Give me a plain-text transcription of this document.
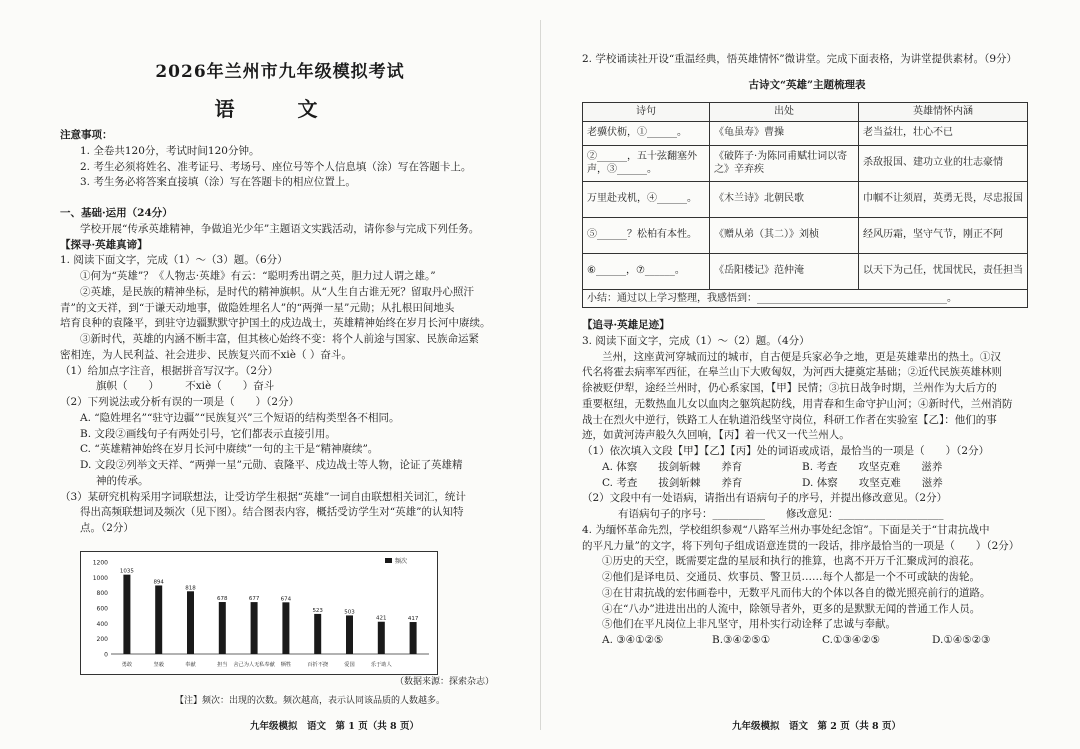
2026年兰州市九年级模拟考试
语 文
注意事项：
1. 全卷共120分，考试时间120分钟。
2. 考生必须将姓名、准考证号、考场号、座位号等个人信息填（涂）写在答题卡上。
3. 考生务必将答案直接填（涂）写在答题卡的相应位置上。
一、基础·运用（24分）
学校开展“传承英雄精神，争做追光少年”主题语文实践活动，请你参与完成下列任务。
【探寻·英雄真谛】
1. 阅读下面文字，完成（1）～（3）题。（6分）
①何为“英雄”？《人物志·英雄》有云：“聪明秀出谓之英，胆力过人谓之雄。”
②英雄，是民族的精神坐标，是时代的精神旗帜。从“人生自古谁无死？留取丹心照汗
青”的文天祥，到“于谦天动地事，做隐姓埋名人”的“两弹一星”元勋；从扎根田间地头
培育良种的袁隆平，到驻守边疆默默守护国土的戍边战士，英雄精神始终在岁月长河中赓续。
③新时代，英雄的内涵不断丰富，但其核心始终不变：将个人前途与国家、民族命运紧
密相连，为人民利益、社会进步、民族复兴而不xiè（ ）奋斗。
（1）给加点字注音，根据拼音写汉字。（2分）
旗帜（　　）　　　不xiè（　　）奋斗
（2）下列说法或分析有误的一项是（　　）（2分）
A. “隐姓埋名”“驻守边疆”“民族复兴”三个短语的结构类型各不相同。
B. 文段②画线句子有两处引号，它们都表示直接引用。
C. “英雄精神始终在岁月长河中赓续”一句的主干是“精神赓续”。
D. 文段②列举文天祥、“两弹一星”元勋、袁隆平、戍边战士等人物，论证了英雄精
神的传承。
（3）某研究机构采用字词联想法，让受访学生根据“英雄”一词自由联想相关词汇，统计
得出高频联想词及频次（见下图）。结合图表内容，概括受访学生对“英雄”的认知特
点。（2分）
【注】频次：出现的次数。频次越高，表示认同该品质的人数越多。
（数据来源：探索杂志）
九年级模拟　语文　第 1 页（共 8 页）
0
200
400
600
800
1000
1200
1035
勇敢
894
坚毅
818
奉献
678
担当
677
舍己为人无私奉献
674
牺牲
523
百折不挠
503
爱国
421
乐于助人
417
频次
2. 学校诵读社开设“重温经典，悟英雄情怀”微讲堂。完成下面表格，为讲堂提供素材。（9分）
古诗文“英雄”主题梳理表
诗句	出处	英雄情怀内涵
老骥伏枥，①______。	《龟虽寿》曹操	老当益壮，壮心不已
②______，五十弦翻塞外声，③______。	《破阵子·为陈同甫赋壮词以寄之》辛弃疾	杀敌报国、建功立业的壮志豪情
万里赴戎机，④______。	《木兰诗》北朝民歌	巾帼不让须眉，英勇无畏，尽忠报国
⑤______？松柏有本性。	《赠从弟（其二）》刘桢	经风历霜，坚守气节，刚正不阿
⑥______，⑦______。	《岳阳楼记》范仲淹	以天下为己任，忧国忧民，责任担当
小结：通过以上学习整理，我感悟到：______________________________________。		
【追寻·英雄足迹】
3. 阅读下面文字，完成（1）～（2）题。（4分）
兰州，这座黄河穿城而过的城市，自古便是兵家必争之地，更是英雄辈出的热土。①汉
代名将霍去病率军西征，在皋兰山下大败匈奴，为河西大捷奠定基础；②近代民族英雄林则
徐被贬伊犁，途经兰州时，仍心系家国，【甲】民情；③抗日战争时期，兰州作为大后方的
重要枢纽，无数热血儿女以血肉之躯筑起防线，用青春和生命守护山河；④新时代，兰州消防
战士在烈火中逆行，铁路工人在轨道沿线坚守岗位，科研工作者在实验室【乙】：他们的事
迹，如黄河涛声般久久回响，【丙】着一代又一代兰州人。
（1）依次填入文段【甲】【乙】【丙】处的词语或成语，最恰当的一项是（　　）（2分）
A. 体察　　拔剑斩棘　　养育	B. 考查　　攻坚克难　　滋养
C. 考查　　拔剑斩棘　　养育	D. 体察　　攻坚克难　　滋养
（2）文段中有一处语病，请指出有语病句子的序号，并提出修改意见。（2分）
有语病句子的序号：__________　　修改意见：____________________
4. 为缅怀革命先烈，学校组织参观“八路军兰州办事处纪念馆”。下面是关于“甘肃抗战中
的平凡力量”的文字，将下列句子组成语意连贯的一段话，排序最恰当的一项是（　　）（2分）
①历史的天空，既需要定盘的星辰和执行的推算，也离不开万千汇聚成河的浪花。
②他们是译电员、交通员、炊事员、警卫员……每个人都是一个不可或缺的齿轮。
③在甘肃抗战的宏伟画卷中，无数平凡而伟大的个体以各自的微光照亮前行的道路。
④在“八办”进进出出的人流中，除领导者外，更多的是默默无闻的普通工作人员。
⑤他们在平凡岗位上非凡坚守，用朴实行动诠释了忠诚与奉献。
A. ③④①②⑤	B.③④②⑤①	C.①③④②⑤	D.①④⑤②③
九年级模拟　语文　第 2 页（共 8 页）
